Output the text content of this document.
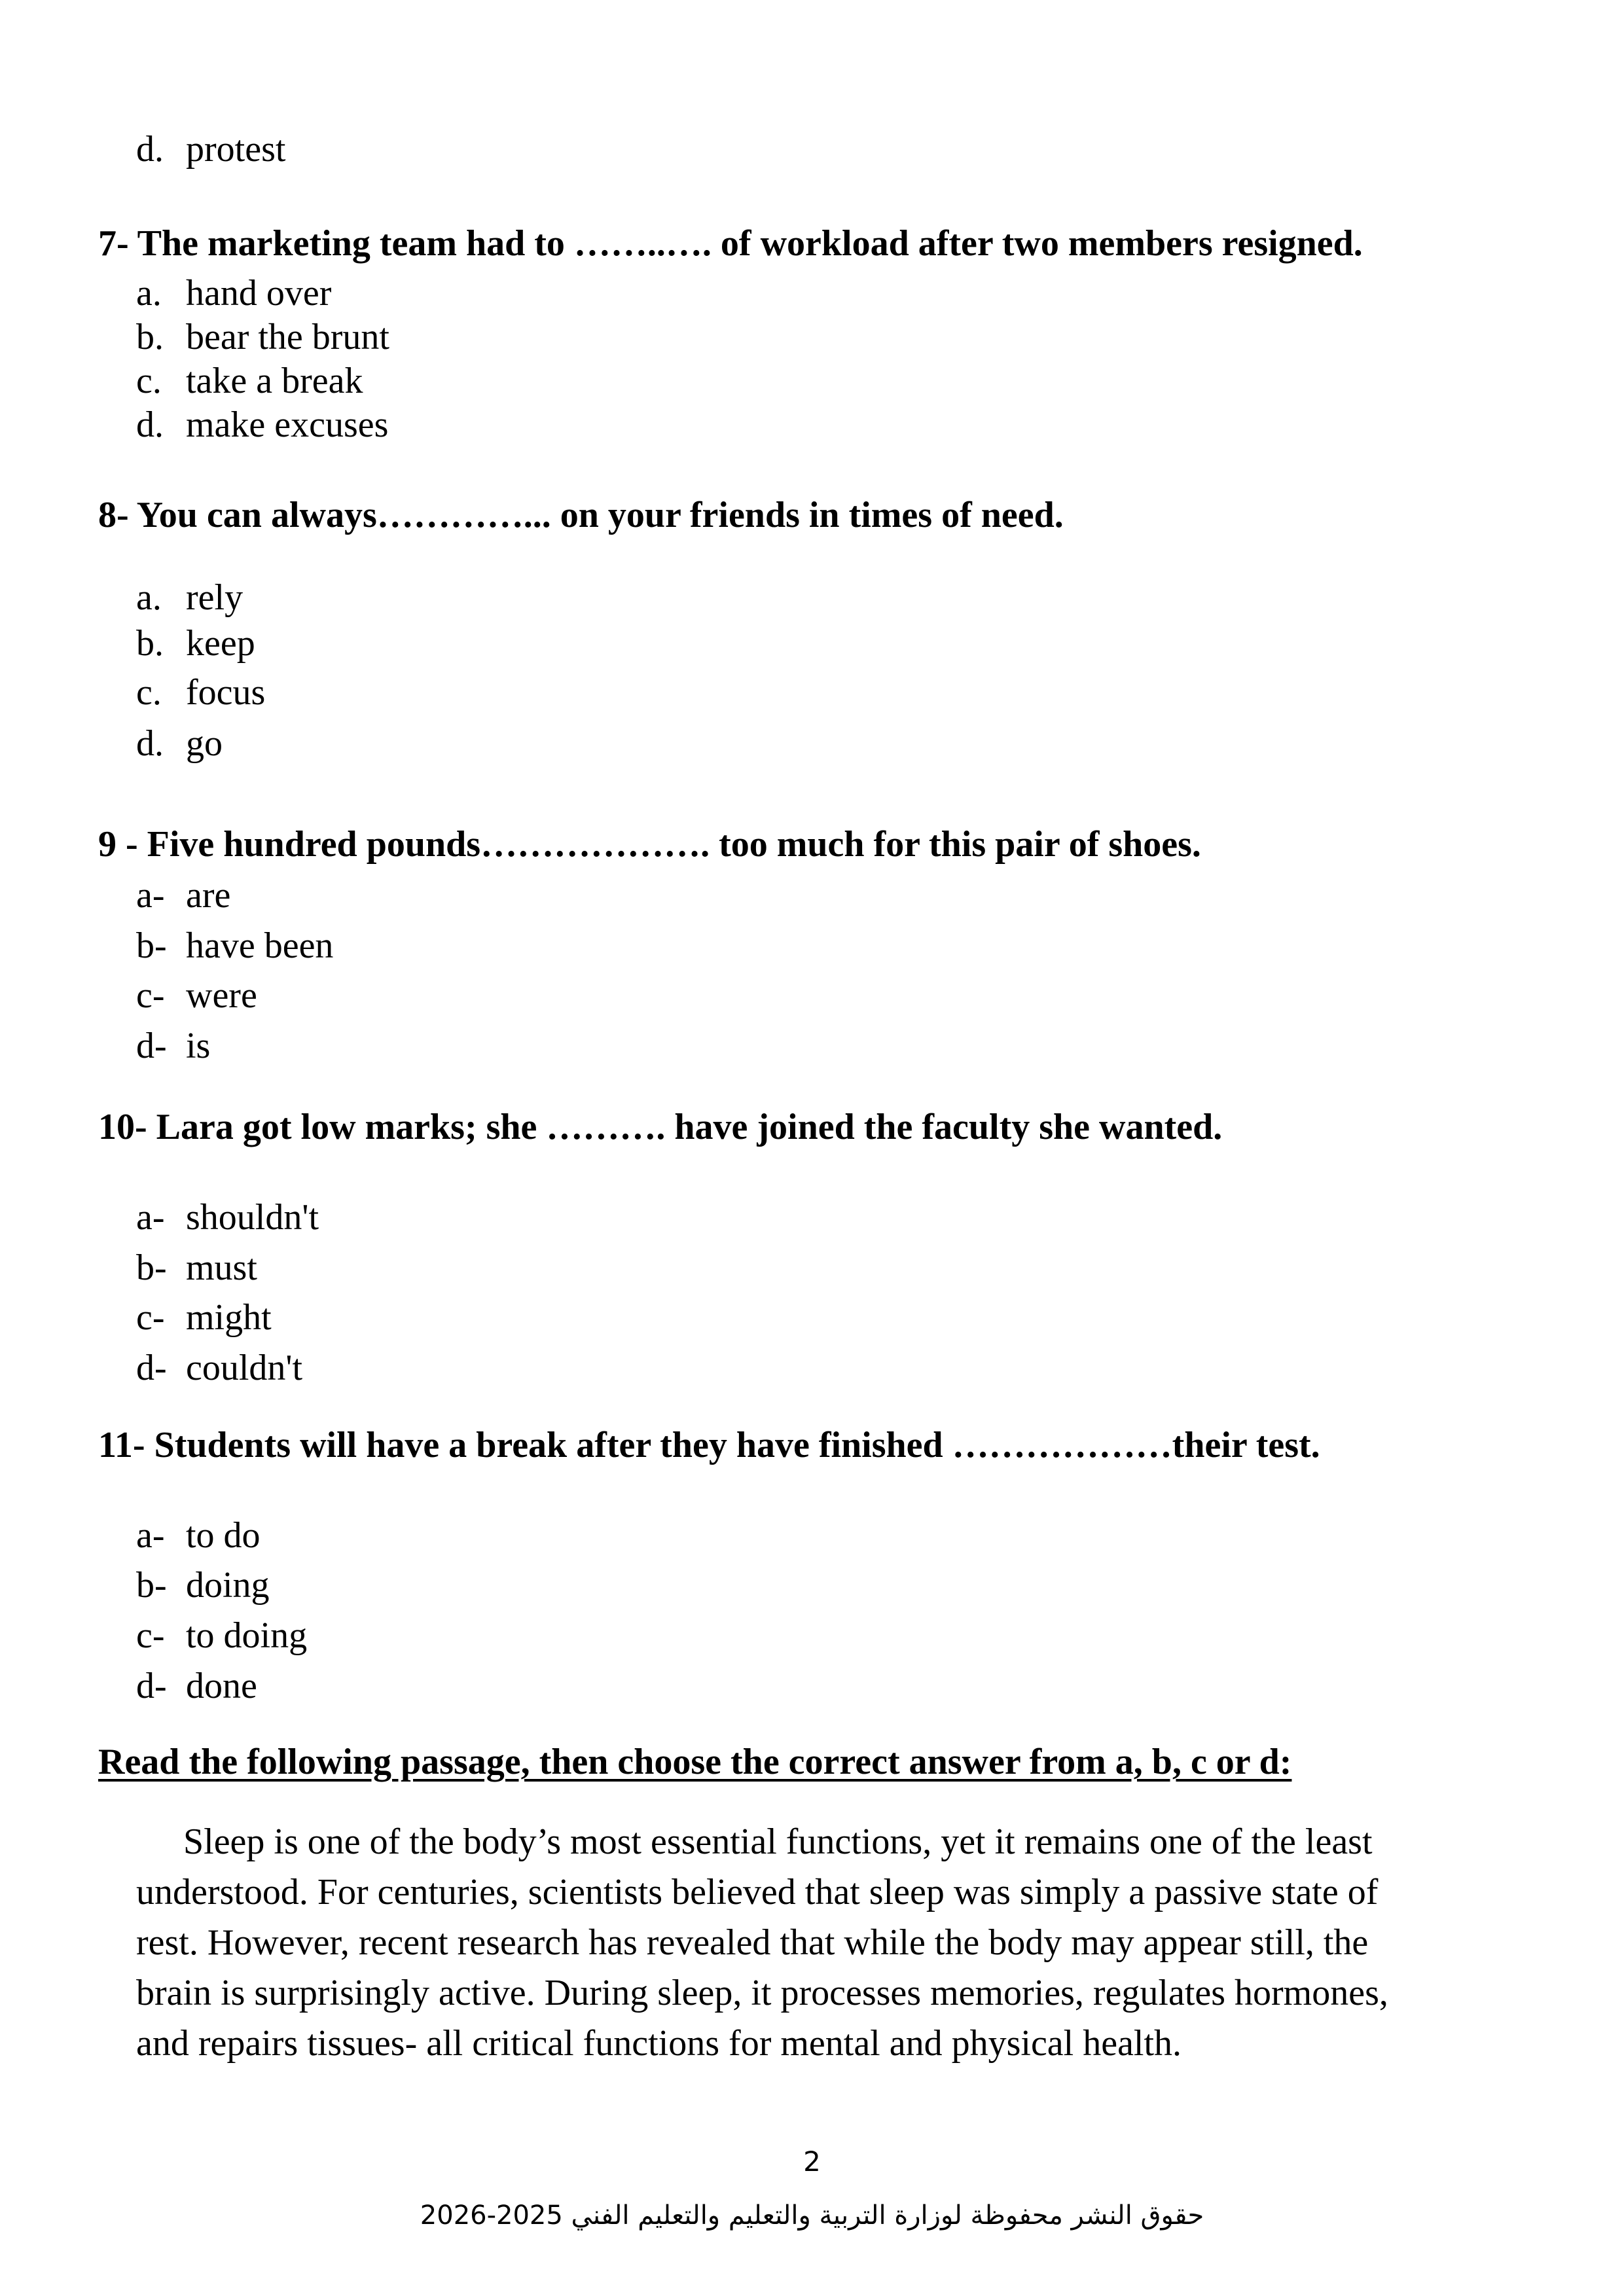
d. protest

7- The marketing team had to ……..…. of workload after two members resigned.

a. hand over

b. bear the brunt

c. take a break

d. make excuses

8- You can always…………... on your friends in times of need.

a. rely

b. keep

c. focus

d. go

9 - Five hundred pounds………………. too much for this pair of shoes.

a- are

b- have been

c- were

d- is

10- Lara got low marks; she ………. have joined the faculty she wanted.

a- shouldn't

b- must

c- might

d- couldn't

11- Students will have a break after they have finished ………………their test.

a- to do

b- doing

c- to doing

d- done

Read the following passage, then choose the correct answer from a, b, c or d:

Sleep is one of the body’s most essential functions, yet it remains one of the least
understood. For centuries, scientists believed that sleep was simply a passive state of
rest. However, recent research has revealed that while the body may appear still, the
brain is surprisingly active. During sleep, it processes memories, regulates hormones,
and repairs tissues- all critical functions for mental and physical health.

2

حقوق النشر محفوظة لوزارة التربية والتعليم والتعليم الفني 2025-2026
